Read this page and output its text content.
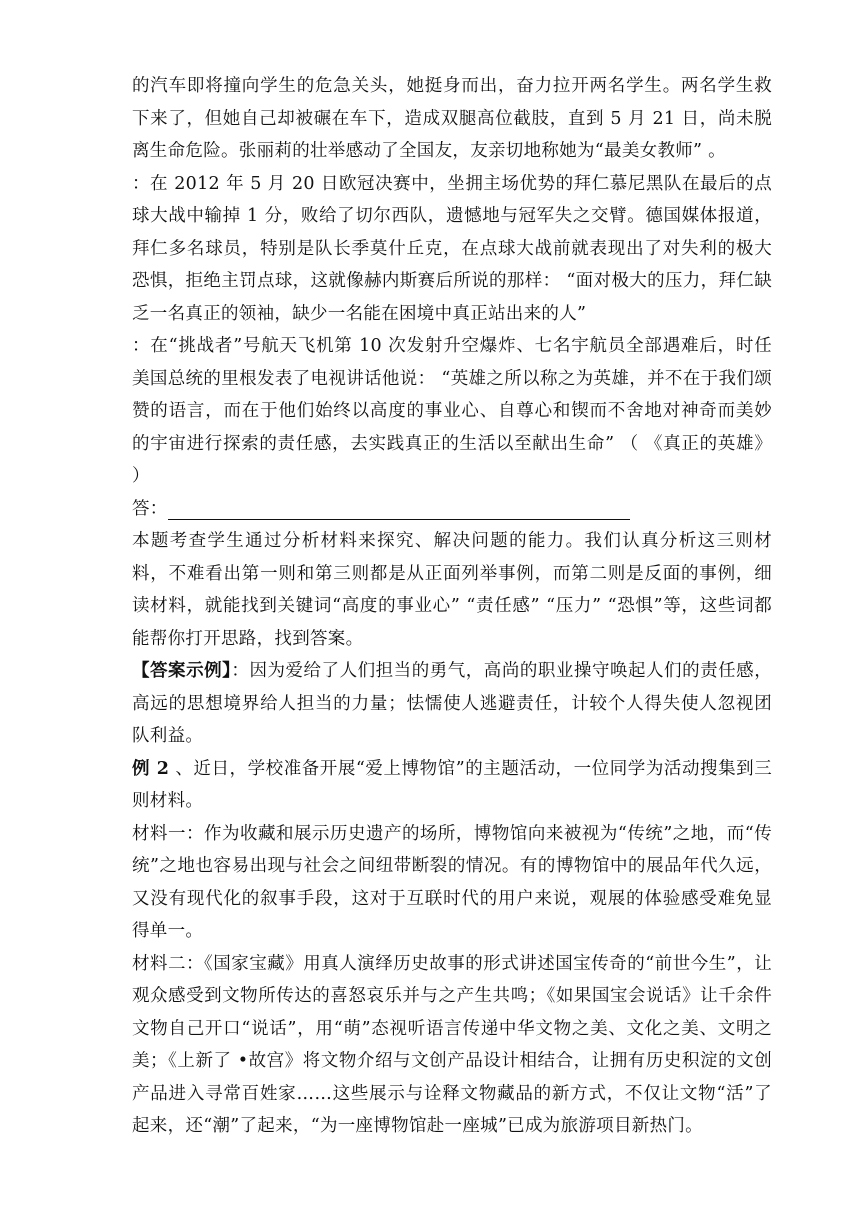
的汽车即将撞向学生的危急关头，她挺身而出，奋力拉开两名学生。两名学生救下来了，但她自己却被碾在车下，造成双腿高位截肢，直到 5 月 21 日，尚未脱离生命危险。张丽莉的壮举感动了全国友，友亲切地称她为“最美女教师” 。

：在 2012 年 5 月 20 日欧冠决赛中，坐拥主场优势的拜仁慕尼黑队在最后的点球大战中输掉 1 分，败给了切尔西队，遗憾地与冠军失之交臂。德国媒体报道，拜仁多名球员，特别是队长季莫什丘克，在点球大战前就表现出了对失利的极大恐惧，拒绝主罚点球，这就像赫内斯赛后所说的那样： “面对极大的压力，拜仁缺乏一名真正的领袖，缺少一名能在困境中真正站出来的人”

：在“挑战者”号航天飞机第 10 次发射升空爆炸、七名宇航员全部遇难后，时任美国总统的里根发表了电视讲话他说： “英雄之所以称之为英雄，并不在于我们颂赞的语言，而在于他们始终以高度的事业心、自尊心和锲而不舍地对神奇而美妙的宇宙进行探索的责任感，去实践真正的生活以至献出生命” （ 《真正的英雄》 ）

答：

本题考查学生通过分析材料来探究、解决问题的能力。我们认真分析这三则材料，不难看出第一则和第三则都是从正面列举事例，而第二则是反面的事例，细读材料，就能找到关键词“高度的事业心” “责任感” “压力” “恐惧”等，这些词都能帮你打开思路，找到答案。

【答案示例】：因为爱给了人们担当的勇气，高尚的职业操守唤起人们的责任感，高远的思想境界给人担当的力量；怯懦使人逃避责任，计较个人得失使人忽视团队利益。

例 2 、近日，学校准备开展“爱上博物馆”的主题活动，一位同学为活动搜集到三则材料。

材料一：作为收藏和展示历史遗产的场所，博物馆向来被视为“传统”之地，而“传统”之地也容易出现与社会之间纽带断裂的情况。有的博物馆中的展品年代久远，又没有现代化的叙事手段，这对于互联时代的用户来说，观展的体验感受难免显得单一。

材料二：《国家宝藏》用真人演绎历史故事的形式讲述国宝传奇的“前世今生”，让观众感受到文物所传达的喜怒哀乐并与之产生共鸣；《如果国宝会说话》让千余件文物自己开口“说话”，用“萌”态视听语言传递中华文物之美、文化之美、文明之美；《上新了 •故宫》将文物介绍与文创产品设计相结合，让拥有历史积淀的文创产品进入寻常百姓家……这些展示与诠释文物藏品的新方式，不仅让文物“活”了起来，还“潮”了起来，“为一座博物馆赴一座城”已成为旅游项目新热门。
